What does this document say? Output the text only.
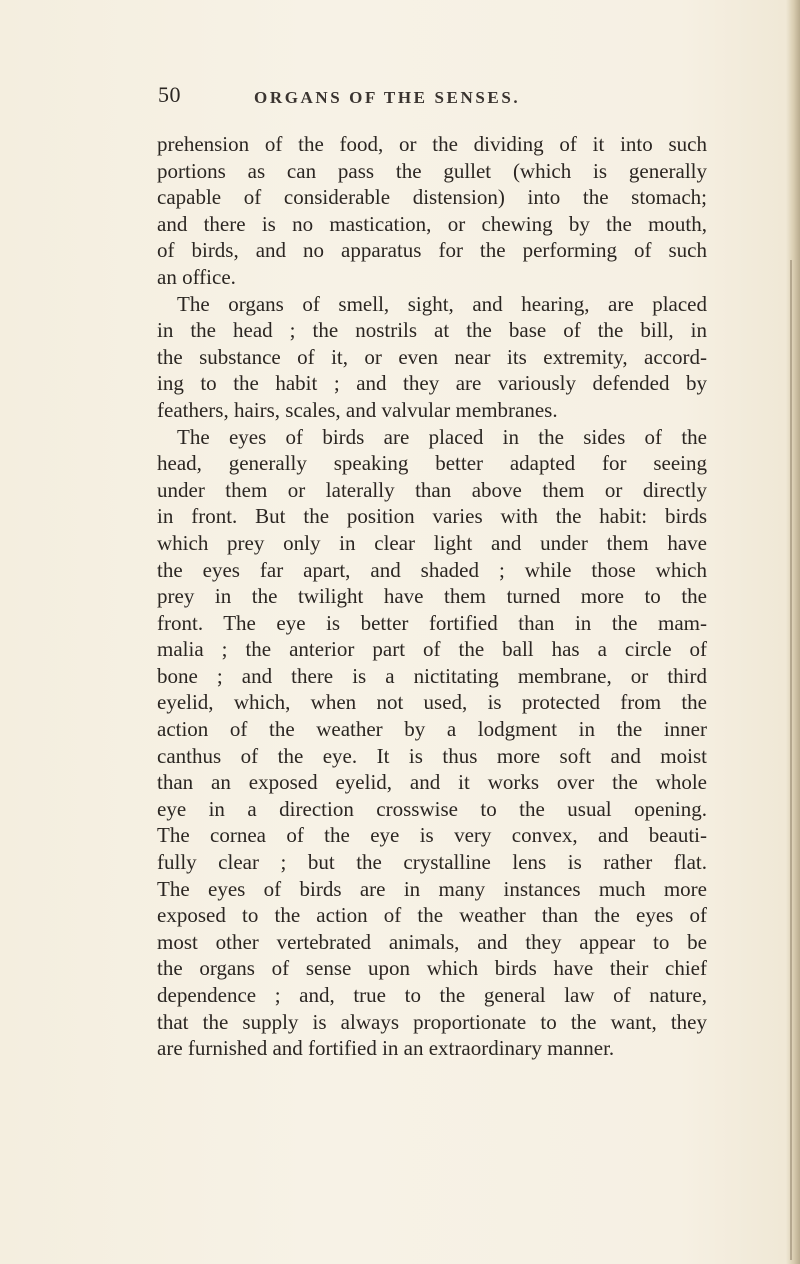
50	ORGANS OF THE SENSES.
prehension of the food, or the dividing of it into such
portions as can pass the gullet (which is generally
capable of considerable distension) into the stomach;
and there is no mastication, or chewing by the mouth,
of birds, and no apparatus for the performing of such
an office.
The organs of smell, sight, and hearing, are placed
in the head ; the nostrils at the base of the bill, in
the substance of it, or even near its extremity, accord-
ing to the habit ; and they are variously defended by
feathers, hairs, scales, and valvular membranes.
The eyes of birds are placed in the sides of the
head, generally speaking better adapted for seeing
under them or laterally than above them or directly
in front. But the position varies with the habit: birds
which prey only in clear light and under them have
the eyes far apart, and shaded ; while those which
prey in the twilight have them turned more to the
front. The eye is better fortified than in the mam-
malia ; the anterior part of the ball has a circle of
bone ; and there is a nictitating membrane, or third
eyelid, which, when not used, is protected from the
action of the weather by a lodgment in the inner
canthus of the eye. It is thus more soft and moist
than an exposed eyelid, and it works over the whole
eye in a direction crosswise to the usual opening.
The cornea of the eye is very convex, and beauti-
fully clear ; but the crystalline lens is rather flat.
The eyes of birds are in many instances much more
exposed to the action of the weather than the eyes of
most other vertebrated animals, and they appear to be
the organs of sense upon which birds have their chief
dependence ; and, true to the general law of nature,
that the supply is always proportionate to the want, they
are furnished and fortified in an extraordinary manner.
